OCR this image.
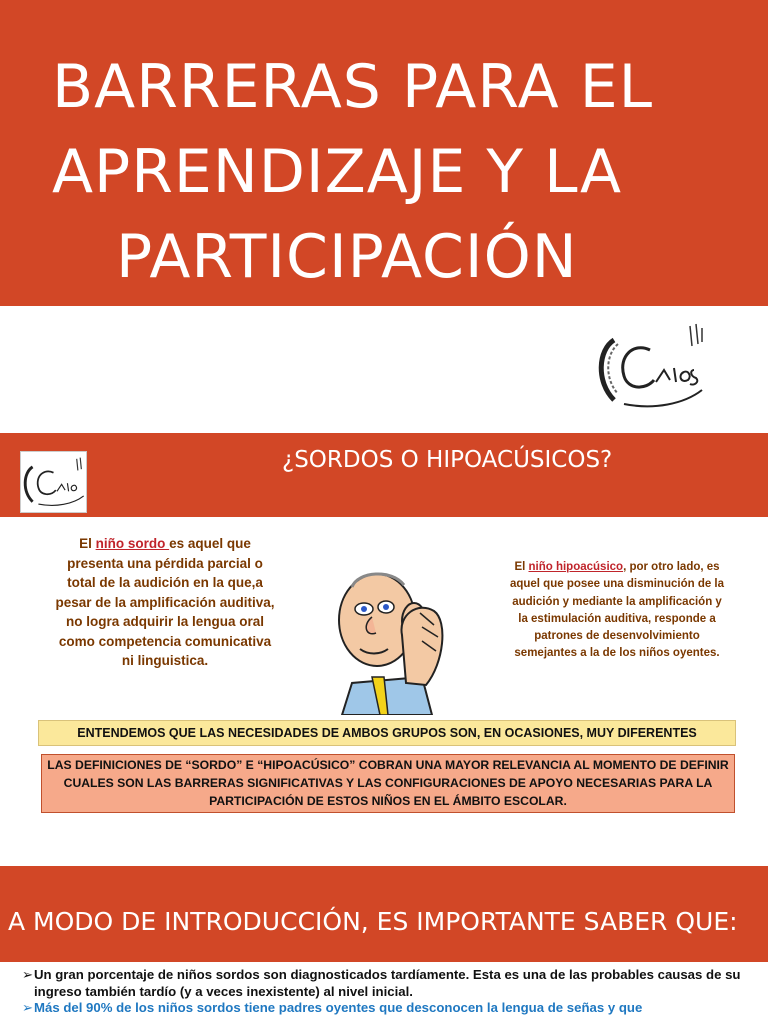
BARRERAS PARA EL
APRENDIZAJE Y LA
PARTICIPACIÓN
¿SORDOS O HIPOACÚSICOS?
El niño sordo es aquel que presenta una pérdida parcial o total de la audición en la que,a pesar de la amplificación auditiva, no logra adquirir la lengua oral como competencia comunicativa ni linguistica.
El niño hipoacúsico, por otro lado, es aquel que posee una disminución de la audición y mediante la amplificación y la estimulación auditiva, responde a patrones de desenvolvimiento semejantes a la de los niños oyentes.
ENTENDEMOS QUE LAS NECESIDADES DE AMBOS GRUPOS SON, EN OCASIONES, MUY DIFERENTES
LAS DEFINICIONES DE “SORDO” E “HIPOACÚSICO” COBRAN UNA MAYOR RELEVANCIA AL MOMENTO DE DEFINIR CUALES SON LAS BARRERAS SIGNIFICATIVAS Y LAS CONFIGURACIONES DE APOYO NECESARIAS PARA LA PARTICIPACIÓN DE ESTOS NIÑOS EN EL ÁMBITO ESCOLAR.
A MODO DE INTRODUCCIÓN, ES IMPORTANTE SABER QUE:
➢ Un gran porcentaje de niños sordos son diagnosticados tardíamente. Esta es una de las probables causas de su ingreso también tardío (y a veces inexistente) al nivel inicial.
➢ Más del 90% de los niños sordos tiene padres oyentes que desconocen la lengua de señas y que
